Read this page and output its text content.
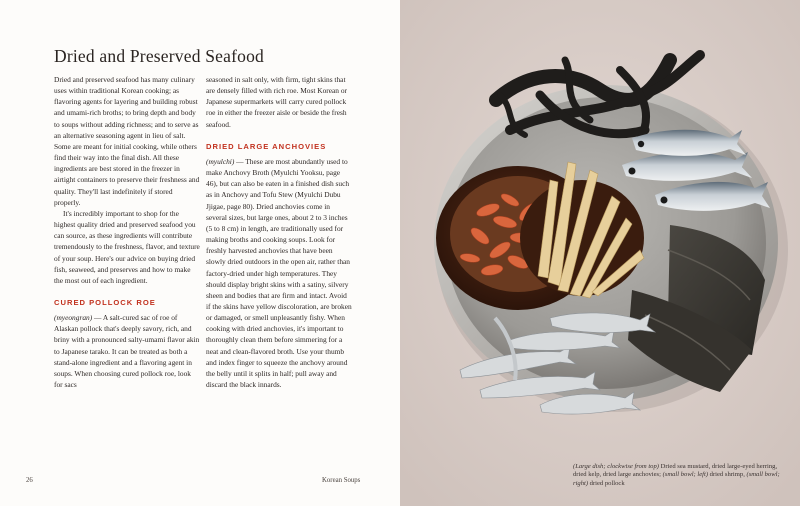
Dried and Preserved Seafood

Dried and preserved seafood has many culinary uses within traditional Korean cooking; as flavoring agents for layering and building robust and umami-rich broths; to bring depth and body to soups without adding richness; and to serve as an alternative seasoning agent in lieu of salt. Some are meant for initial cooking, while others find their way into the final dish. All these ingredients are best stored in the freezer in airtight containers to preserve their freshness and quality. They'll last indefinitely if stored properly.

It's incredibly important to shop for the highest quality dried and preserved seafood you can source, as these ingredients will contribute tremendously to the freshness, flavor, and texture of your soup. Here's our advice on buying dried fish, seaweed, and preserves and how to make the most out of each ingredient.

CURED POLLOCK ROE

(myeongran) — A salt-cured sac of roe of Alaskan pollock that's deeply savory, rich, and briny with a pronounced salty-umami flavor akin to Japanese tarako. It can be treated as both a stand-alone ingredient and a flavoring agent in soups. When choosing cured pollock roe, look for sacs

seasoned in salt only, with firm, tight skins that are densely filled with rich roe. Most Korean or Japanese supermarkets will carry cured pollock roe in either the freezer aisle or beside the fresh seafood.

DRIED LARGE ANCHOVIES

(myulchi) — These are most abundantly used to make Anchovy Broth (Myulchi Yooksu, page 46), but can also be eaten in a finished dish such as in Anchovy and Tofu Stew (Myulchi Dubu Jjigae, page 80). Dried anchovies come in several sizes, but large ones, about 2 to 3 inches (5 to 8 cm) in length, are traditionally used for making broths and cooking soups. Look for freshly harvested anchovies that have been slowly dried outdoors in the open air, rather than factory-dried under high temperatures. They should display bright skins with a satiny, silvery sheen and bodies that are firm and intact. Avoid if the skins have yellow discoloration, are broken or damaged, or smell unpleasantly fishy. When cooking with dried anchovies, it's important to thoroughly clean them before simmering for a neat and clean-flavored broth. Use your thumb and index finger to squeeze the anchovy around the belly until it splits in half; pull away and discard the black innards.

26	Korean Soups
(Large dish; clockwise from top) Dried sea mustard, dried large-eyed herring, dried kelp, dried large anchovies; (small bowl; left) dried shrimp, (small bowl; right) dried pollock
